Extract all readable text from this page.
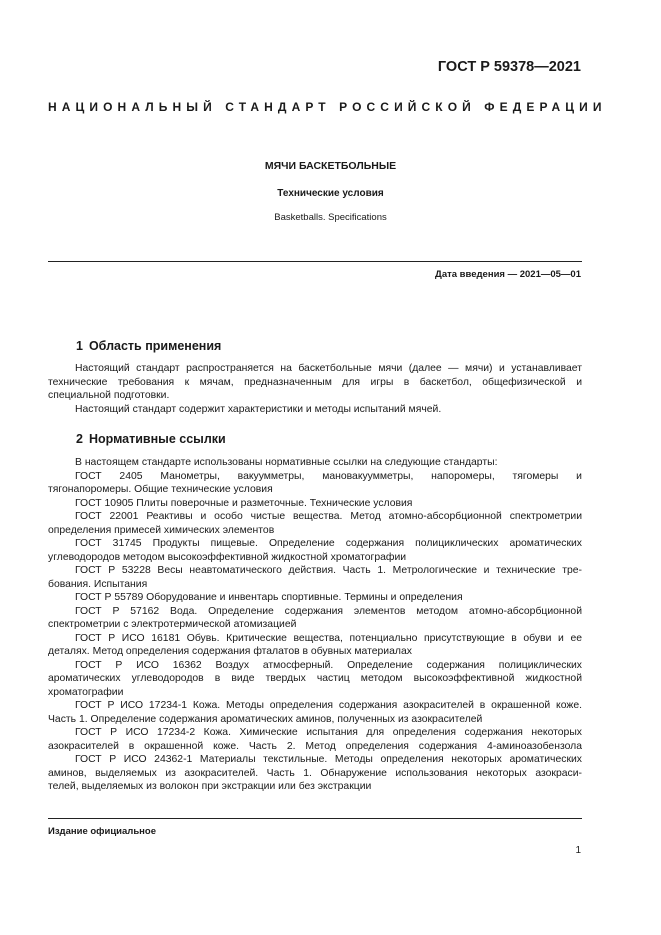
ГОСТ Р 59378—2021
НАЦИОНАЛЬНЫЙ СТАНДАРТ РОССИЙСКОЙ ФЕДЕРАЦИИ
МЯЧИ БАСКЕТБОЛЬНЫЕ
Технические условия
Basketballs. Specifications
Дата введения — 2021—05—01
1 Область применения
Настоящий стандарт распространяется на баскетбольные мячи (далее — мячи) и устанавливает
технические требования к мячам, предназначенным для игры в баскетбол, общефизической и
специальной подготовки.
Настоящий стандарт содержит характеристики и методы испытаний мячей.
2 Нормативные ссылки
В настоящем стандарте использованы нормативные ссылки на следующие стандарты:
ГОСТ 2405 Манометры, вакуумметры, мановакуумметры, напоромеры, тягомеры и
тягонапоромеры. Общие технические условия
ГОСТ 10905 Плиты поверочные и разметочные. Технические условия
ГОСТ 22001 Реактивы и особо чистые вещества. Метод атомно-абсорбционной спектрометрии
определения примесей химических элементов
ГОСТ 31745 Продукты пищевые. Определение содержания полициклических ароматических
углеводородов методом высокоэффективной жидкостной хроматографии
ГОСТ Р 53228 Весы неавтоматического действия. Часть 1. Метрологические и технические тре-
бования. Испытания
ГОСТ Р 55789 Оборудование и инвентарь спортивные. Термины и определения
ГОСТ Р 57162 Вода. Определение содержания элементов методом атомно-абсорбционной
спектрометрии с электротермической атомизацией
ГОСТ Р ИСО 16181 Обувь. Критические вещества, потенциально присутствующие в обуви и ее
деталях. Метод определения содержания фталатов в обувных материалах
ГОСТ Р ИСО 16362 Воздух атмосферный. Определение содержания полициклических
ароматических углеводородов в виде твердых частиц методом высокоэффективной жидкостной
хроматографии
ГОСТ Р ИСО 17234-1 Кожа. Методы определения содержания азокрасителей в окрашенной коже.
Часть 1. Определение содержания ароматических аминов, полученных из азокрасителей
ГОСТ Р ИСО 17234-2 Кожа. Химические испытания для определения содержания некоторых
азокрасителей в окрашенной коже. Часть 2. Метод определения содержания 4-аминоазобензола
ГОСТ Р ИСО 24362-1 Материалы текстильные. Методы определения некоторых ароматических
аминов, выделяемых из азокрасителей. Часть 1. Обнаружение использования некоторых азокраси-
телей, выделяемых из волокон при экстракции или без экстракции
Издание официальное
1
